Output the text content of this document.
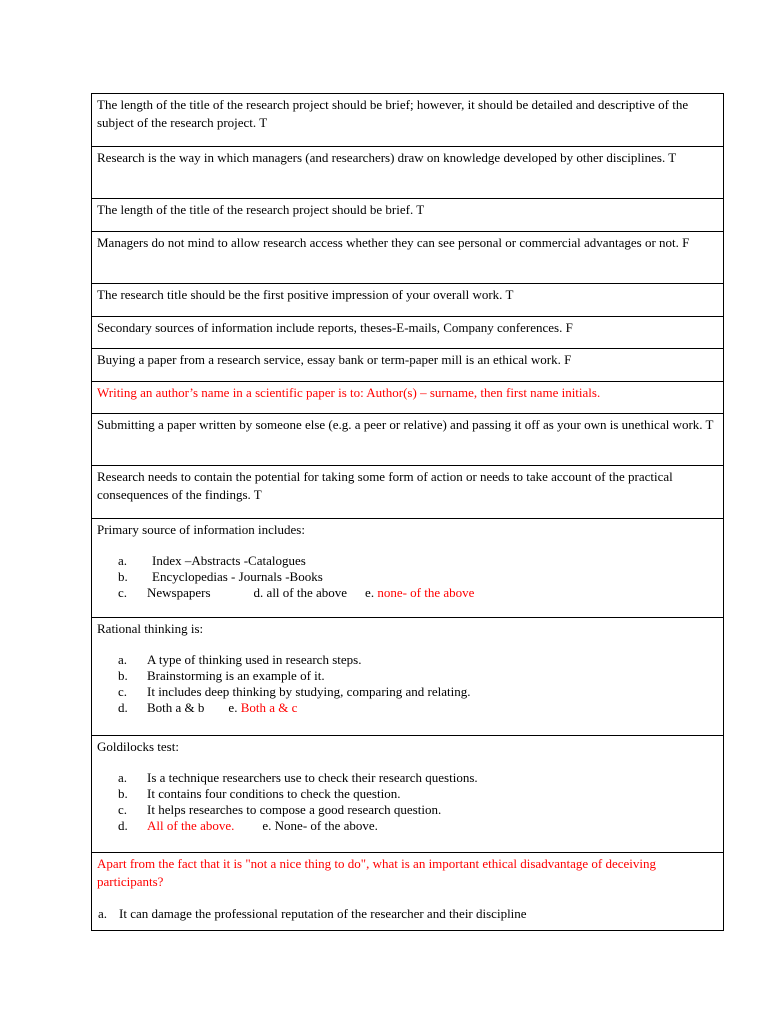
The length of the title of the research project should be brief; however, it should be detailed and descriptive of the subject of the research project. T
Research is the way in which managers (and researchers) draw on knowledge developed by other disciplines. T
The length of the title of the research project should be brief. T
Managers do not mind to allow research access whether they can see personal or commercial advantages or not. F
The research title should be the first positive impression of your overall work. T
Secondary sources of information include reports, theses-E-mails, Company conferences. F
Buying a paper from a research service, essay bank or term-paper mill is an ethical work. F
Writing an author’s name in a scientific paper is to: Author(s) – surname, then first name initials.
Submitting a paper written by someone else (e.g. a peer or relative) and passing it off as your own is unethical work. T
Research needs to contain the potential for taking some form of action or needs to take account of the practical consequences of the findings. T

Primary source of information includes:
a. Index –Abstracts -Catalogues
b. Encyclopedias - Journals -Books
c. Newspapers	d. all of the above e. none- of the above

Rational thinking is:
a. A type of thinking used in research steps.
b. Brainstorming is an example of it.
c. It includes deep thinking by studying, comparing and relating.
d. Both a & b e. Both a & c

Goldilocks test:
a. Is a technique researchers use to check their research questions.
b. It contains four conditions to check the question.
c. It helps researches to compose a good research question.
d. All of the above. e. None- of the above.

Apart from the fact that it is "not a nice thing to do", what is an important ethical disadvantage of deceiving participants?
a. It can damage the professional reputation of the researcher and their discipline
